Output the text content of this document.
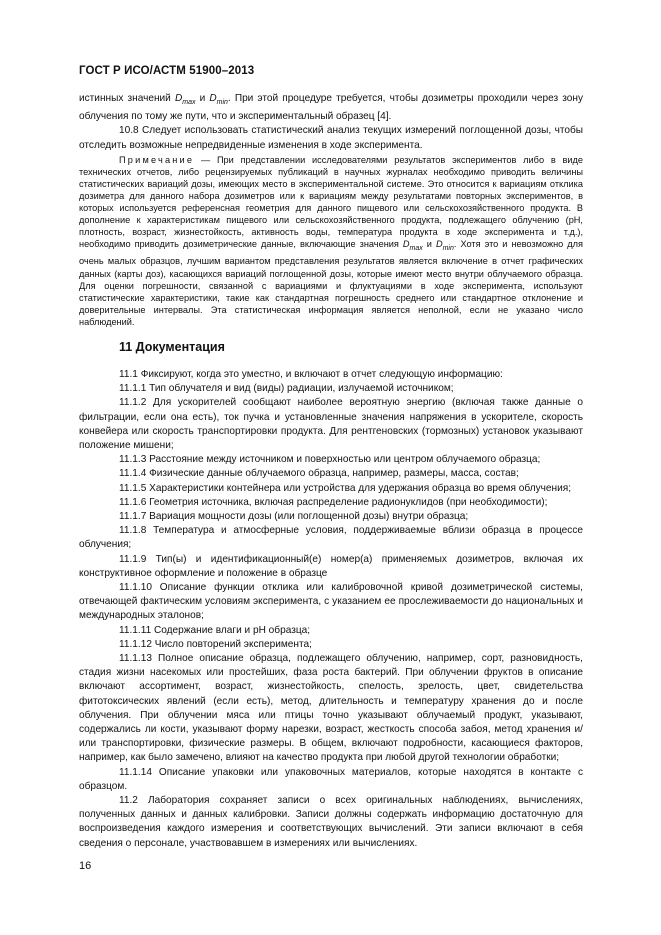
ГОСТ Р ИСО/АСТМ 51900–2013

истинных значений $D_{max}$ и $D_{min}$. При этой процедуре требуется, чтобы дозиметры проходили через зону облучения по тому же пути, что и экспериментальный образец [4].

10.8 Следует использовать статистический анализ текущих измерений поглощенной дозы, чтобы отследить возможные непредвиденные изменения в ходе эксперимента.

Примечание — При представлении исследователями результатов экспериментов либо в виде технических отчетов, либо рецензируемых публикаций в научных журналах необходимо приводить величины статистических вариаций дозы, имеющих место в экспериментальной системе. Это относится к вариациям отклика дозиметра для данного набора дозиметров или к вариациям между результатами повторных экспериментов, в которых используется референсная геометрия для данного пищевого или сельскохозяйственного продукта. В дополнение к характеристикам пищевого или сельскохозяйственного продукта, подлежащего облучению (pH, плотность, возраст, жизнестойкость, активность воды, температура продукта в ходе эксперимента и т.д.), необходимо приводить дозиметрические данные, включающие значения $D_{max}$ и $D_{min}$. Хотя это и невозможно для очень малых образцов, лучшим вариантом представления результатов является включение в отчет графических данных (карты доз), касающихся вариаций поглощенной дозы, которые имеют место внутри облучаемого образца. Для оценки погрешности, связанной с вариациями и флуктуациями в ходе эксперимента, используют статистические характеристики, такие как стандартная погрешность среднего или стандартное отклонение и доверительные интервалы. Эта статистическая информация является неполной, если не указано число наблюдений.

11 Документация

11.1 Фиксируют, когда это уместно, и включают в отчет следующую информацию:

11.1.1 Тип облучателя и вид (виды) радиации, излучаемой источником;

11.1.2 Для ускорителей сообщают наиболее вероятную энергию (включая также данные о фильтрации, если она есть), ток пучка и установленные значения напряжения в ускорителе, скорость конвейера или скорость транспортировки продукта. Для рентгеновских (тормозных) установок указывают положение мишени;

11.1.3 Расстояние между источником и поверхностью или центром облучаемого образца;

11.1.4 Физические данные облучаемого образца, например, размеры, масса, состав;

11.1.5 Характеристики контейнера или устройства для удержания образца во время облучения;

11.1.6 Геометрия источника, включая распределение радионуклидов (при необходимости);

11.1.7 Вариация мощности дозы (или поглощенной дозы) внутри образца;

11.1.8 Температура и атмосферные условия, поддерживаемые вблизи образца в процессе облучения;

11.1.9 Тип(ы) и идентификационный(е) номер(а) применяемых дозиметров, включая их конструктивное оформление и положение в образце

11.1.10 Описание функции отклика или калибровочной кривой дозиметрической системы, отвечающей фактическим условиям эксперимента, с указанием ее прослеживаемости до национальных и международных эталонов;

11.1.11 Содержание влаги и pH образца;

11.1.12 Число повторений эксперимента;

11.1.13 Полное описание образца, подлежащего облучению, например, сорт, разновидность, стадия жизни насекомых или простейших, фаза роста бактерий. При облучении фруктов в описание включают ассортимент, возраст, жизнестойкость, спелость, зрелость, цвет, свидетельства фитотоксических явлений (если есть), метод, длительность и температуру хранения до и после облучения. При облучении мяса или птицы точно указывают облучаемый продукт, указывают, содержались ли кости, указывают форму нарезки, возраст, жесткость способа забоя, метод хранения и/или транспортировки, физические размеры. В общем, включают подробности, касающиеся факторов, например, как было замечено, влияют на качество продукта при любой другой технологии обработки;

11.1.14 Описание упаковки или упаковочных материалов, которые находятся в контакте с образцом.

11.2 Лаборатория сохраняет записи о всех оригинальных наблюдениях, вычислениях, полученных данных и данных калибровки. Записи должны содержать информацию достаточную для воспроизведения каждого измерения и соответствующих вычислений. Эти записи включают в себя сведения о персонале, участвовавшем в измерениях или вычислениях.

16
